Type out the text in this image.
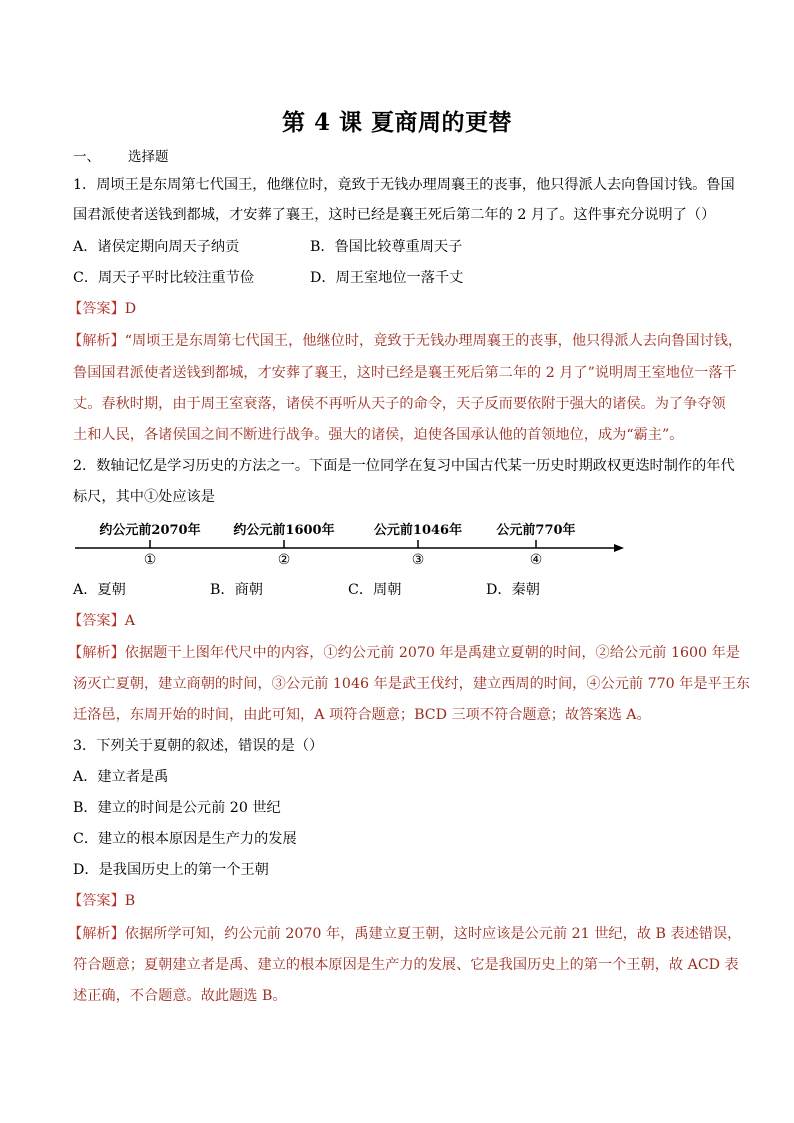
第 4 课 夏商周的更替
一、 选择题
1．周顷王是东周第七代国王，他继位时，竟致于无钱办理周襄王的丧事，他只得派人去向鲁国讨钱。鲁国
国君派使者送钱到都城，才安葬了襄王，这时已经是襄王死后第二年的 2 月了。这件事充分说明了（）
A．诸侯定期向周天子纳贡	B．鲁国比较尊重周天子
C．周天子平时比较注重节俭	D．周王室地位一落千丈
【答案】D
【解析】“周顷王是东周第七代国王，他继位时，竟致于无钱办理周襄王的丧事，他只得派人去向鲁国讨钱，
鲁国国君派使者送钱到都城，才安葬了襄王，这时已经是襄王死后第二年的 2 月了”说明周王室地位一落千
丈。春秋时期，由于周王室衰落，诸侯不再听从天子的命令，天子反而要依附于强大的诸侯。为了争夺领
土和人民，各诸侯国之间不断进行战争。强大的诸侯，迫使各国承认他的首领地位，成为“霸主”。
2．数轴记忆是学习历史的方法之一。下面是一位同学在复习中国古代某一历史时期政权更迭时制作的年代
标尺，其中①处应该是
约公元前2070年	约公元前1600年	公元前1046年	公元前770年
①	②	③	④
A．夏朝	B．商朝	C．周朝	D．秦朝
【答案】A
【解析】依据题干上图年代尺中的内容，①约公元前 2070 年是禹建立夏朝的时间，②给公元前 1600 年是
汤灭亡夏朝，建立商朝的时间，③公元前 1046 年是武王伐纣，建立西周的时间，④公元前 770 年是平王东
迁洛邑，东周开始的时间，由此可知，A 项符合题意；BCD 三项不符合题意；故答案选 A。
3．下列关于夏朝的叙述，错误的是（）
A．建立者是禹
B．建立的时间是公元前 20 世纪
C．建立的根本原因是生产力的发展
D．是我国历史上的第一个王朝
【答案】B
【解析】依据所学可知，约公元前 2070 年，禹建立夏王朝，这时应该是公元前 21 世纪，故 B 表述错误，
符合题意；夏朝建立者是禹、建立的根本原因是生产力的发展、它是我国历史上的第一个王朝，故 ACD 表
述正确，不合题意。故此题选 B。
